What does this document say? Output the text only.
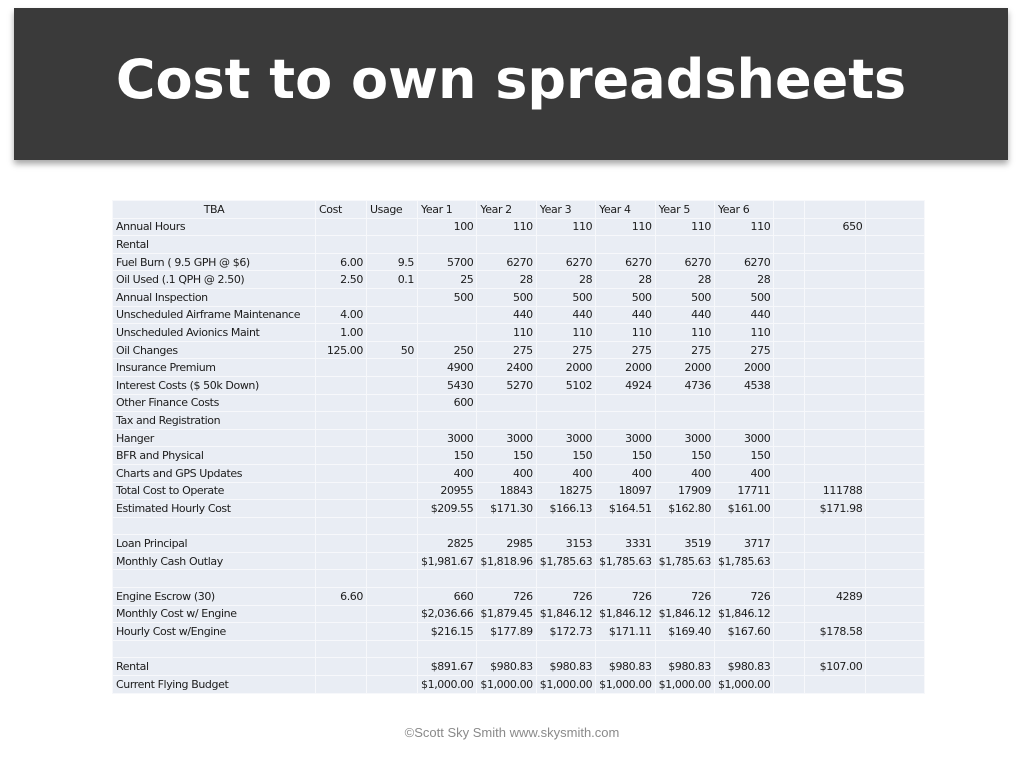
Cost to own spreadsheets
TBA	Cost	Usage	Year 1	Year 2	Year 3	Year 4	Year 5	Year 6			
Annual Hours			100	110	110	110	110	110		650	
Rental											
Fuel Burn ( 9.5 GPH @ $6)	6.00	9.5	5700	6270	6270	6270	6270	6270			
Oil Used (.1 QPH @ 2.50)	2.50	0.1	25	28	28	28	28	28			
Annual Inspection			500	500	500	500	500	500			
Unscheduled Airframe Maintenance	4.00			440	440	440	440	440			
Unscheduled Avionics Maint	1.00			110	110	110	110	110			
Oil Changes	125.00	50	250	275	275	275	275	275			
Insurance Premium			4900	2400	2000	2000	2000	2000			
Interest Costs ($ 50k Down)			5430	5270	5102	4924	4736	4538			
Other Finance Costs			600								
Tax and Registration											
Hanger			3000	3000	3000	3000	3000	3000			
BFR and Physical			150	150	150	150	150	150			
Charts and GPS Updates			400	400	400	400	400	400			
Total Cost to Operate			20955	18843	18275	18097	17909	17711		111788	
Estimated Hourly Cost			$209.55	$171.30	$166.13	$164.51	$162.80	$161.00		$171.98	

Loan Principal			2825	2985	3153	3331	3519	3717			
Monthly Cash Outlay			$1,981.67	$1,818.96	$1,785.63	$1,785.63	$1,785.63	$1,785.63			

Engine Escrow (30)	6.60		660	726	726	726	726	726		4289	
Monthly Cost w/ Engine			$2,036.66	$1,879.45	$1,846.12	$1,846.12	$1,846.12	$1,846.12			
Hourly Cost w/Engine			$216.15	$177.89	$172.73	$171.11	$169.40	$167.60		$178.58	

Rental			$891.67	$980.83	$980.83	$980.83	$980.83	$980.83		$107.00	
Current Flying Budget			$1,000.00	$1,000.00	$1,000.00	$1,000.00	$1,000.00	$1,000.00			
©Scott Sky Smith www.skysmith.com
